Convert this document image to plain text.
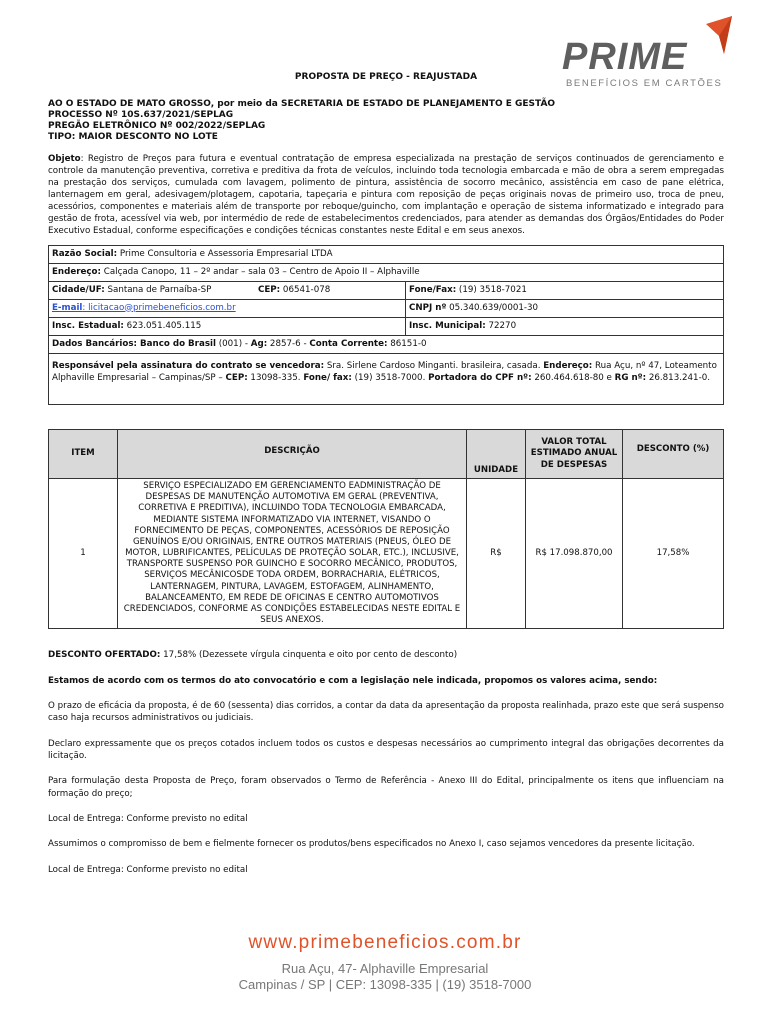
PRIME
BENEFÍCIOS EM CARTÕES
PROPOSTA DE PREÇO - REAJUSTADA
AO O ESTADO DE MATO GROSSO, por meio da SECRETARIA DE ESTADO DE PLANEJAMENTO E GESTÃO
PROCESSO Nº 10S.637/2021/SEPLAG
PREGÃO ELETRÔNICO Nº 002/2022/SEPLAG
TIPO: MAIOR DESCONTO NO LOTE
Objeto: Registro de Preços para futura e eventual contratação de empresa especializada na prestação de serviços continuados de gerenciamento e controle da manutenção preventiva, corretiva e preditiva da frota de veículos, incluindo toda tecnologia embarcada e mão de obra a serem empregadas na prestação dos serviços, cumulada com lavagem, polimento de pintura, assistência de socorro mecânico, assistência em caso de pane elétrica, lanternagem em geral, adesivagem/plotagem, capotaria, tapeçaria e pintura com reposição de peças originais novas de primeiro uso, troca de pneu, acessórios, componentes e materiais além de transporte por reboque/guincho, com implantação e operação de sistema informatizado e integrado para gestão de frota, acessível via web, por intermédio de rede de estabelecimentos credenciados, para atender as demandas dos Órgãos/Entidades do Poder Executivo Estadual, conforme especificações e condições técnicas constantes neste Edital e em seus anexos.
Razão Social: Prime Consultoria e Assessoria Empresarial LTDA		
Endereço: Calçada Canopo, 11 – 2º andar – sala 03 – Centro de Apoio II – Alphaville		
Cidade/UF: Santana de Parnaíba-SP	CEP: 06541-078	Fone/Fax: (19) 3518-7021
E-mail: licitacao@primebeneficios.com.br		CNPJ nº 05.340.639/0001-30
Insc. Estadual: 623.051.405.115		Insc. Municipal: 72270
Dados Bancários: Banco do Brasil (001) - Ag: 2857-6 - Conta Corrente: 86151-0		
Responsável pela assinatura do contrato se vencedora: Sra. Sirlene Cardoso Minganti. brasileira, casada. Endereço: Rua Açu, nº 47, Loteamento Alphaville Empresarial – Campinas/SP – CEP: 13098-335. Fone/ fax: (19) 3518-7000. Portadora do CPF nº: 260.464.618-80 e RG nº: 26.813.241-0.		
ITEM	DESCRIÇÃO	UNIDADE	VALOR TOTAL ESTIMADO ANUAL DE DESPESAS	DESCONTO (%)
1	SERVIÇO ESPECIALIZADO EM GERENCIAMENTO EADMINISTRAÇÃO DE DESPESAS DE MANUTENÇÃO AUTOMOTIVA EM GERAL (PREVENTIVA, CORRETIVA E PREDITIVA), INCLUINDO TODA TECNOLOGIA EMBARCADA, MEDIANTE SISTEMA INFORMATIZADO VIA INTERNET, VISANDO O FORNECIMENTO DE PEÇAS, COMPONENTES, ACESSÓRIOS DE REPOSIÇÃO GENUÍNOS E/OU ORIGINAIS, ENTRE OUTROS MATERIAIS (PNEUS, ÓLEO DE MOTOR, LUBRIFICANTES, PELÍCULAS DE PROTEÇÃO SOLAR, ETC.), INCLUSIVE, TRANSPORTE SUSPENSO POR GUINCHO E SOCORRO MECÂNICO, PRODUTOS, SERVIÇOS MECÂNICOSDE TODA ORDEM, BORRACHARIA, ELÉTRICOS, LANTERNAGEM, PINTURA, LAVAGEM, ESTOFAGEM, ALINHAMENTO, BALANCEAMENTO, EM REDE DE OFICINAS E CENTRO AUTOMOTIVOS CREDENCIADOS, CONFORME AS CONDIÇÕES ESTABELECIDAS NESTE EDITAL E SEUS ANEXOS.	R$	R$ 17.098.870,00	17,58%
DESCONTO OFERTADO: 17,58% (Dezessete vírgula cinquenta e oito por cento de desconto)
Estamos de acordo com os termos do ato convocatório e com a legislação nele indicada, propomos os valores acima, sendo:
O prazo de eficácia da proposta, é de 60 (sessenta) dias corridos, a contar da data da apresentação da proposta realinhada, prazo este que será suspenso caso haja recursos administrativos ou judiciais.
Declaro expressamente que os preços cotados incluem todos os custos e despesas necessários ao cumprimento integral das obrigações decorrentes da licitação.
Para formulação desta Proposta de Preço, foram observados o Termo de Referência - Anexo III do Edital, principalmente os itens que influenciam na formação do preço;
Local de Entrega: Conforme previsto no edital
Assumimos o compromisso de bem e fielmente fornecer os produtos/bens especificados no Anexo I, caso sejamos vencedores da presente licitação.
Local de Entrega: Conforme previsto no edital
www.primebeneficios.com.br
Rua Açu, 47- Alphaville Empresarial
Campinas / SP | CEP: 13098-335 | (19) 3518-7000
